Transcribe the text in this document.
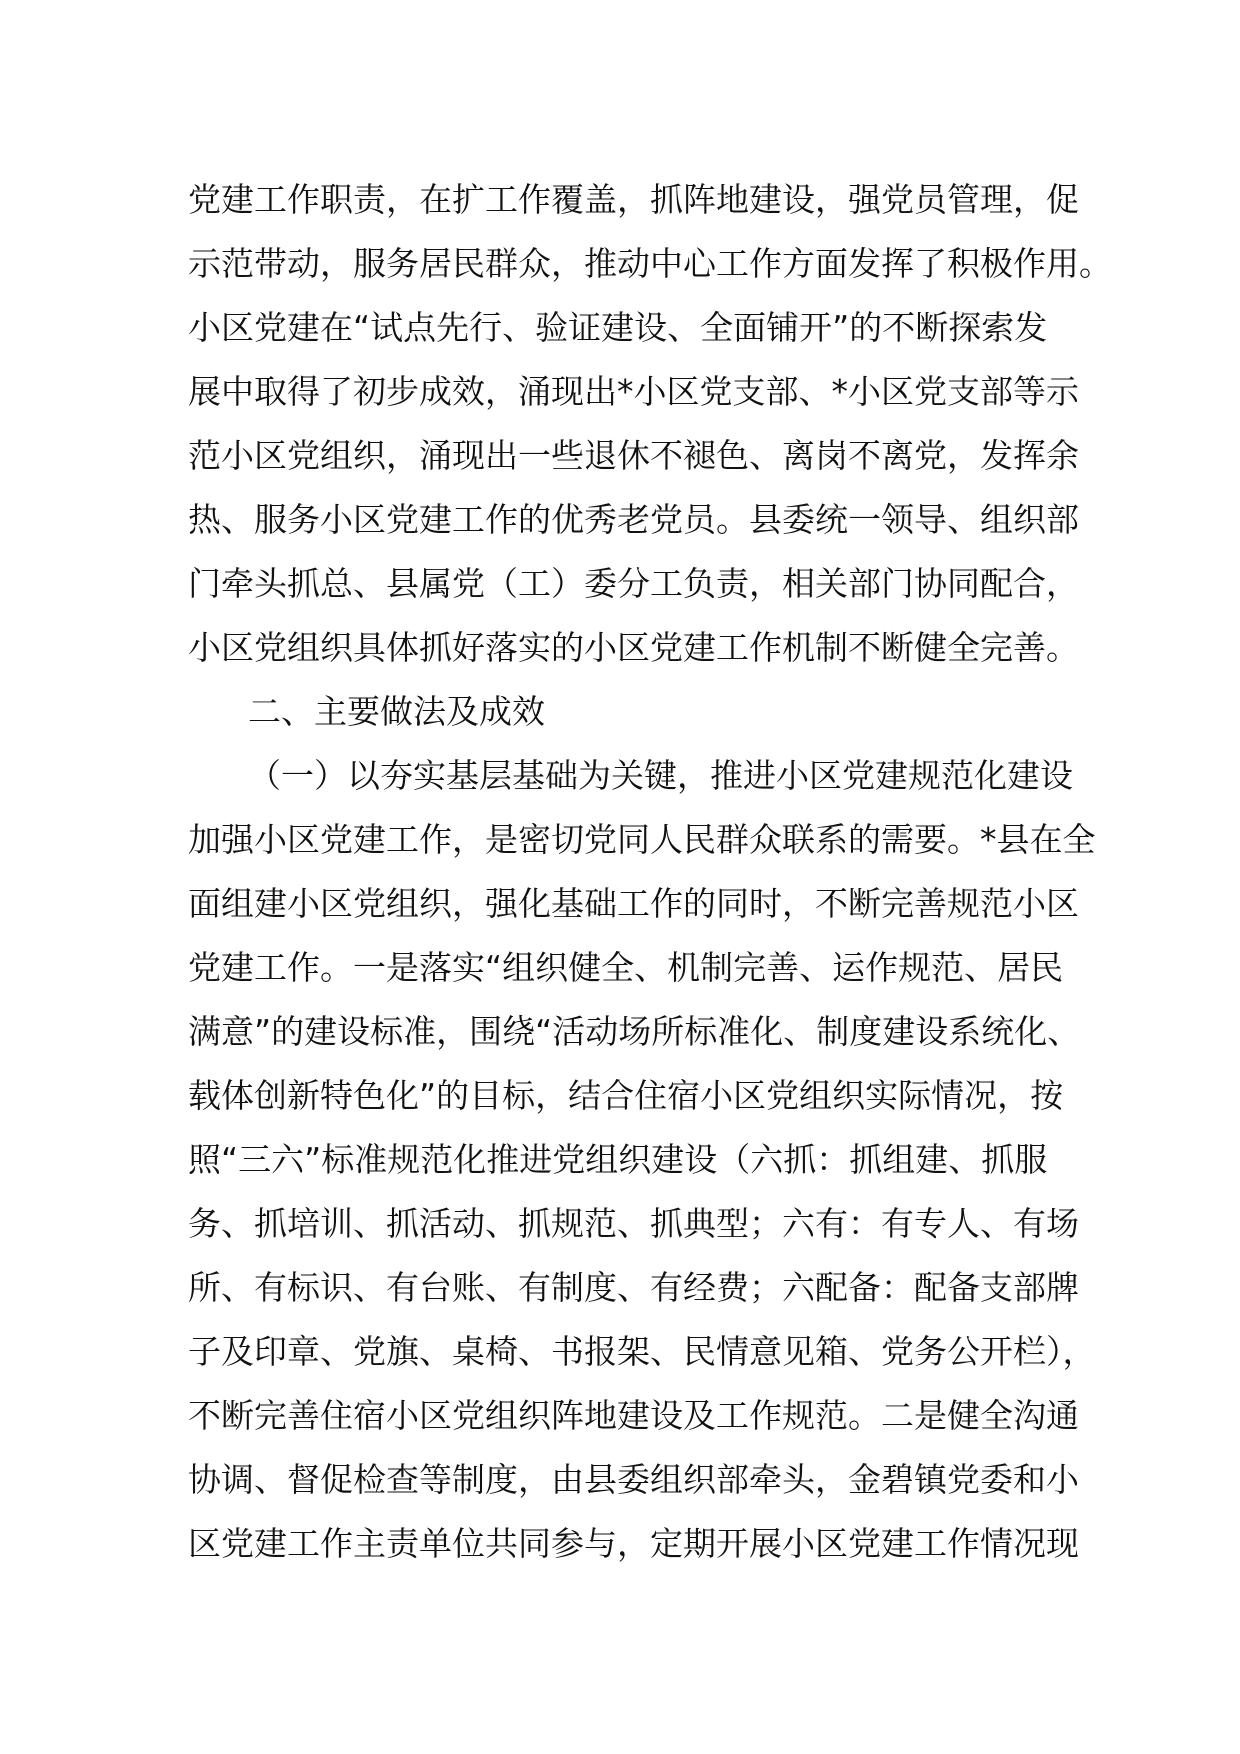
党建工作职责，在扩工作覆盖，抓阵地建设，强党员管理，促
示范带动，服务居民群众，推动中心工作方面发挥了积极作用。
小区党建在“试点先行、验证建设、全面铺开”的不断探索发
展中取得了初步成效，涌现出*小区党支部、*小区党支部等示
范小区党组织，涌现出一些退休不褪色、离岗不离党，发挥余
热、服务小区党建工作的优秀老党员。县委统一领导、组织部
门牵头抓总、县属党（工）委分工负责，相关部门协同配合，
小区党组织具体抓好落实的小区党建工作机制不断健全完善。
二、主要做法及成效
（一）以夯实基层基础为关键，推进小区党建规范化建设
加强小区党建工作，是密切党同人民群众联系的需要。*县在全
面组建小区党组织，强化基础工作的同时，不断完善规范小区
党建工作。一是落实“组织健全、机制完善、运作规范、居民
满意”的建设标准，围绕“活动场所标准化、制度建设系统化、
载体创新特色化”的目标，结合住宿小区党组织实际情况，按
照“三六”标准规范化推进党组织建设（六抓：抓组建、抓服
务、抓培训、抓活动、抓规范、抓典型；六有：有专人、有场
所、有标识、有台账、有制度、有经费；六配备：配备支部牌
子及印章、党旗、桌椅、书报架、民情意见箱、党务公开栏），
不断完善住宿小区党组织阵地建设及工作规范。二是健全沟通
协调、督促检查等制度，由县委组织部牵头，金碧镇党委和小
区党建工作主责单位共同参与，定期开展小区党建工作情况现
